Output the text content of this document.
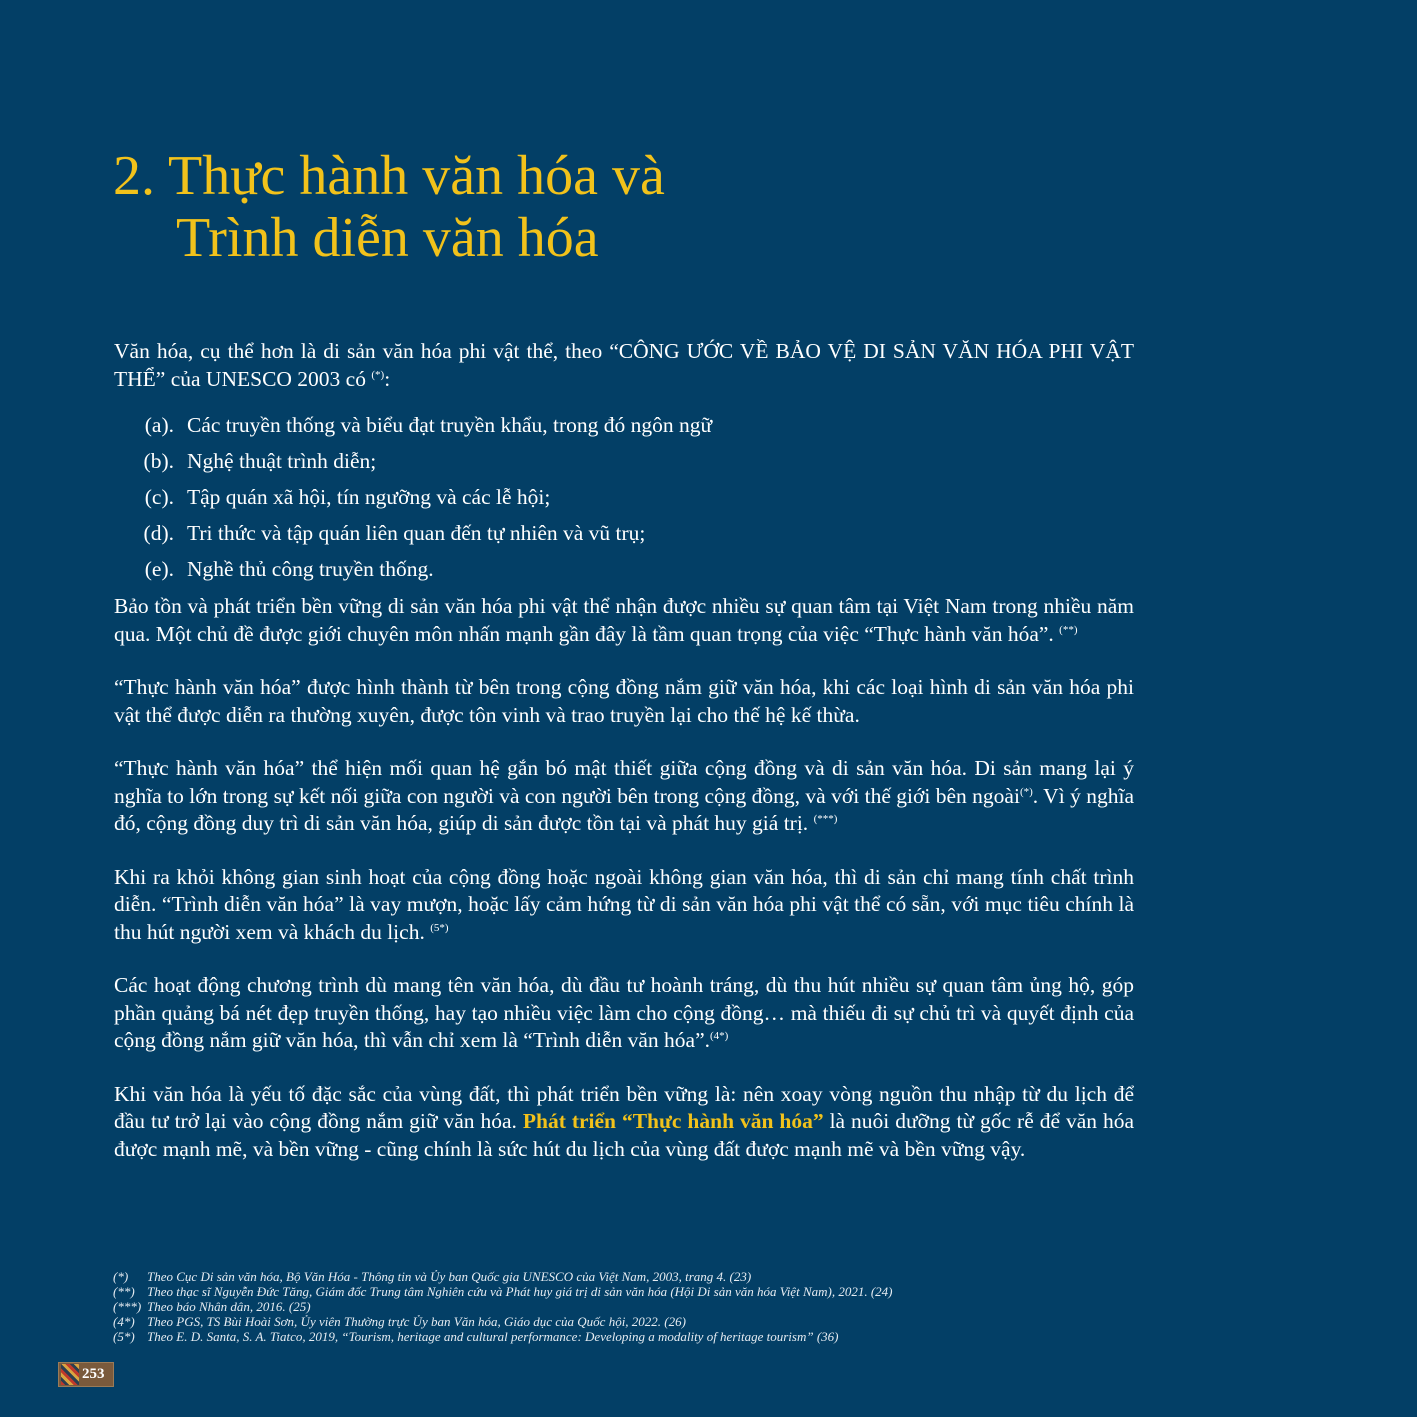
2. Thực hành văn hóa và
Trình diễn văn hóa

Văn hóa, cụ thể hơn là di sản văn hóa phi vật thể, theo “CÔNG ƯỚC VỀ BẢO VỆ DI SẢN VĂN HÓA PHI VẬT THỂ” của UNESCO 2003 có (*):

(a). Các truyền thống và biểu đạt truyền khẩu, trong đó ngôn ngữ
(b). Nghệ thuật trình diễn;
(c). Tập quán xã hội, tín ngưỡng và các lễ hội;
(d). Tri thức và tập quán liên quan đến tự nhiên và vũ trụ;
(e). Nghề thủ công truyền thống.

Bảo tồn và phát triển bền vững di sản văn hóa phi vật thể nhận được nhiều sự quan tâm tại Việt Nam trong nhiều năm qua. Một chủ đề được giới chuyên môn nhấn mạnh gần đây là tầm quan trọng của việc “Thực hành văn hóa”. (**)

“Thực hành văn hóa” được hình thành từ bên trong cộng đồng nắm giữ văn hóa, khi các loại hình di sản văn hóa phi vật thể được diễn ra thường xuyên, được tôn vinh và trao truyền lại cho thế hệ kế thừa.

“Thực hành văn hóa” thể hiện mối quan hệ gắn bó mật thiết giữa cộng đồng và di sản văn hóa. Di sản mang lại ý nghĩa to lớn trong sự kết nối giữa con người và con người bên trong cộng đồng, và với thế giới bên ngoài(*). Vì ý nghĩa đó, cộng đồng duy trì di sản văn hóa, giúp di sản được tồn tại và phát huy giá trị. (***)

Khi ra khỏi không gian sinh hoạt của cộng đồng hoặc ngoài không gian văn hóa, thì di sản chỉ mang tính chất trình diễn. “Trình diễn văn hóa” là vay mượn, hoặc lấy cảm hứng từ di sản văn hóa phi vật thể có sẵn, với mục tiêu chính là thu hút người xem và khách du lịch. $^{(5*)}$

Các hoạt động chương trình dù mang tên văn hóa, dù đầu tư hoành tráng, dù thu hút nhiều sự quan tâm ủng hộ, góp phần quảng bá nét đẹp truyền thống, hay tạo nhiều việc làm cho cộng đồng… mà thiếu đi sự chủ trì và quyết định của cộng đồng nắm giữ văn hóa, thì vẫn chỉ xem là “Trình diễn văn hóa”.$^{(4*)}$

Khi văn hóa là yếu tố đặc sắc của vùng đất, thì phát triển bền vững là: nên xoay vòng nguồn thu nhập từ du lịch để đầu tư trở lại vào cộng đồng nắm giữ văn hóa. Phát triển “Thực hành văn hóa” là nuôi dưỡng từ gốc rễ để văn hóa được mạnh mẽ, và bền vững - cũng chính là sức hút du lịch của vùng đất được mạnh mẽ và bền vững vậy.

(*) Theo Cục Di sản văn hóa, Bộ Văn Hóa - Thông tin và Ủy ban Quốc gia UNESCO của Việt Nam, 2003, trang 4. (23)
(**) Theo thạc sĩ Nguyễn Đức Tăng, Giám đốc Trung tâm Nghiên cứu và Phát huy giá trị di sản văn hóa (Hội Di sản văn hóa Việt Nam), 2021. (24)
(***) Theo báo Nhân dân, 2016. (25)
(4*) Theo PGS, TS Bùi Hoài Sơn, Ủy viên Thường trực Ủy ban Văn hóa, Giáo dục của Quốc hội, 2022. (26)
(5*) Theo E. D. Santa, S. A. Tiatco, 2019, “Tourism, heritage and cultural performance: Developing a modality of heritage tourism” (36)
253
